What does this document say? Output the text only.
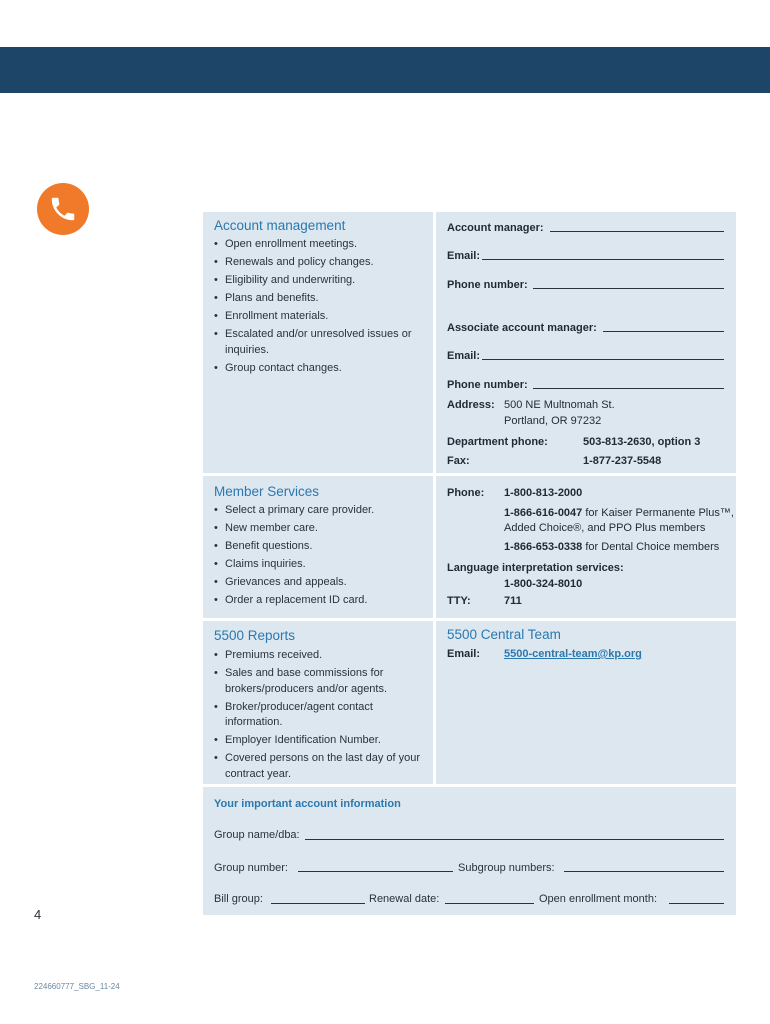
Account management
• Open enrollment meetings.
• Renewals and policy changes.
• Eligibility and underwriting.
• Plans and benefits.
• Enrollment materials.
• Escalated and/or unresolved issues or inquiries.
• Group contact changes.
Account manager:
Email:
Phone number:
Associate account manager:
Email:
Phone number:
Address: 500 NE Multnomah St.
Portland, OR 97232
Department phone:	503-813-2630, option 3
Fax:	1-877-237-5548
Member Services
• Select a primary care provider.
• New member care.
• Benefit questions.
• Claims inquiries.
• Grievances and appeals.
• Order a replacement ID card.
Phone: 1-800-813-2000
1-866-616-0047 for Kaiser Permanente Plus™,
Added Choice®, and PPO Plus members
1-866-653-0338 for Dental Choice members
Language interpretation services:
1-800-324-8010
TTY:	711
5500 Reports
• Premiums received.
• Sales and base commissions for brokers/producers and/or agents.
• Broker/producer/agent contact information.
• Employer Identification Number.
• Covered persons on the last day of your contract year.
5500 Central Team
Email: 5500-central-team@kp.org
Your important account information
Group name/dba:
Group number:	Subgroup numbers:
Bill group:	Renewal date:	Open enrollment month:
4
224660777_SBG_11-24
